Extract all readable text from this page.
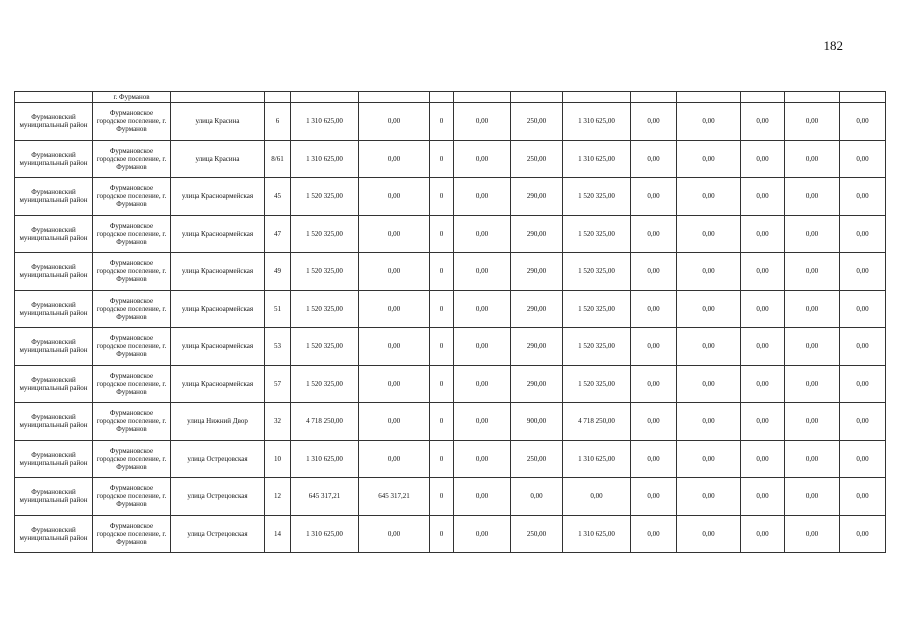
182
	г. Фурманов													
Фурмановский муниципальный район	Фурмановское городское поселение, г. Фурманов	улица Красина	6	1 310 625,00	0,00	0	0,00	250,00	1 310 625,00	0,00	0,00	0,00	0,00	0,00
Фурмановский муниципальный район	Фурмановское городское поселение, г. Фурманов	улица Красина	8/61	1 310 625,00	0,00	0	0,00	250,00	1 310 625,00	0,00	0,00	0,00	0,00	0,00
Фурмановский муниципальный район	Фурмановское городское поселение, г. Фурманов	улица Красноармейская	45	1 520 325,00	0,00	0	0,00	290,00	1 520 325,00	0,00	0,00	0,00	0,00	0,00
Фурмановский муниципальный район	Фурмановское городское поселение, г. Фурманов	улица Красноармейская	47	1 520 325,00	0,00	0	0,00	290,00	1 520 325,00	0,00	0,00	0,00	0,00	0,00
Фурмановский муниципальный район	Фурмановское городское поселение, г. Фурманов	улица Красноармейская	49	1 520 325,00	0,00	0	0,00	290,00	1 520 325,00	0,00	0,00	0,00	0,00	0,00
Фурмановский муниципальный район	Фурмановское городское поселение, г. Фурманов	улица Красноармейская	51	1 520 325,00	0,00	0	0,00	290,00	1 520 325,00	0,00	0,00	0,00	0,00	0,00
Фурмановский муниципальный район	Фурмановское городское поселение, г. Фурманов	улица Красноармейская	53	1 520 325,00	0,00	0	0,00	290,00	1 520 325,00	0,00	0,00	0,00	0,00	0,00
Фурмановский муниципальный район	Фурмановское городское поселение, г. Фурманов	улица Красноармейская	57	1 520 325,00	0,00	0	0,00	290,00	1 520 325,00	0,00	0,00	0,00	0,00	0,00
Фурмановский муниципальный район	Фурмановское городское поселение, г. Фурманов	улица Нижний Двор	32	4 718 250,00	0,00	0	0,00	900,00	4 718 250,00	0,00	0,00	0,00	0,00	0,00
Фурмановский муниципальный район	Фурмановское городское поселение, г. Фурманов	улица Острецовская	10	1 310 625,00	0,00	0	0,00	250,00	1 310 625,00	0,00	0,00	0,00	0,00	0,00
Фурмановский муниципальный район	Фурмановское городское поселение, г. Фурманов	улица Острецовская	12	645 317,21	645 317,21	0	0,00	0,00	0,00	0,00	0,00	0,00	0,00	0,00
Фурмановский муниципальный район	Фурмановское городское поселение, г. Фурманов	улица Острецовская	14	1 310 625,00	0,00	0	0,00	250,00	1 310 625,00	0,00	0,00	0,00	0,00	0,00
